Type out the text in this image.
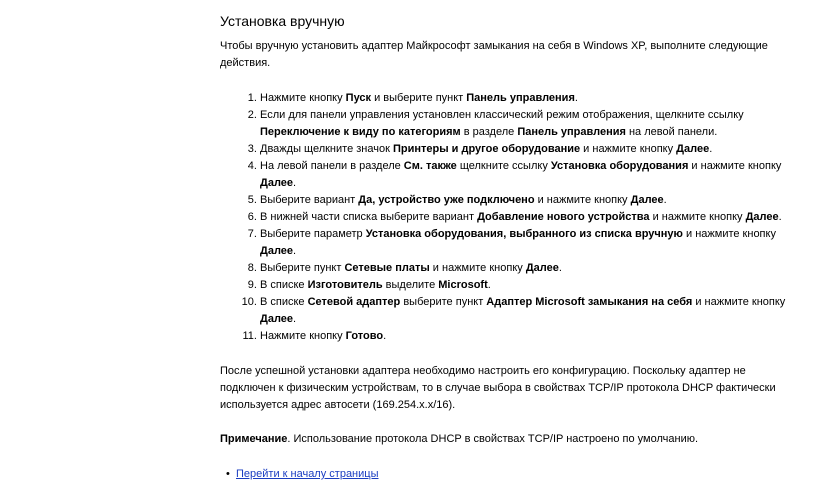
Установка вручную

Чтобы вручную установить адаптер Майкрософт замыкания на себя в Windows XP, выполните следующие действия.

1. Нажмите кнопку Пуск и выберите пункт Панель управления.
2. Если для панели управления установлен классический режим отображения, щелкните ссылку Переключение к виду по категориям в разделе Панель управления на левой панели.
3. Дважды щелкните значок Принтеры и другое оборудование и нажмите кнопку Далее.
4. На левой панели в разделе См. также щелкните ссылку Установка оборудования и нажмите кнопку Далее.
5. Выберите вариант Да, устройство уже подключено и нажмите кнопку Далее.
6. В нижней части списка выберите вариант Добавление нового устройства и нажмите кнопку Далее.
7. Выберите параметр Установка оборудования, выбранного из списка вручную и нажмите кнопку Далее.
8. Выберите пункт Сетевые платы и нажмите кнопку Далее.
9. В списке Изготовитель выделите Microsoft.
10. В списке Сетевой адаптер выберите пункт Адаптер Microsoft замыкания на себя и нажмите кнопку Далее.
11. Нажмите кнопку Готово.

После успешной установки адаптера необходимо настроить его конфигурацию. Поскольку адаптер не подключен к физическим устройствам, то в случае выбора в свойствах TCP/IP протокола DHCP фактически используется адрес автосети (169.254.x.x/16).

Примечание. Использование протокола DHCP в свойствах TCP/IP настроено по умолчанию.

• Перейти к началу страницы
